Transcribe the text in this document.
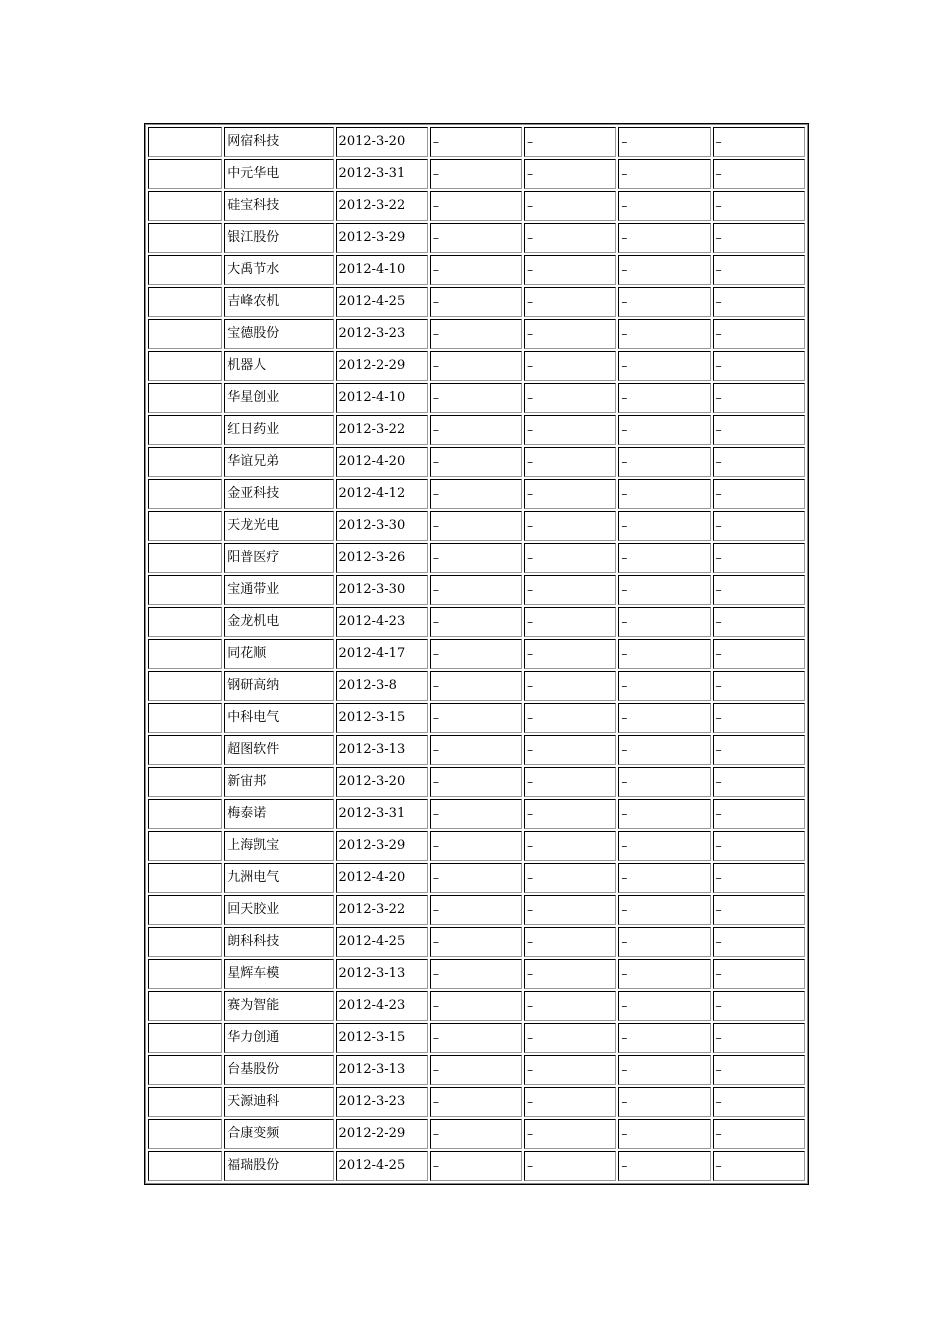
	网宿科技	2012-3-20	–	–	–	–
	中元华电	2012-3-31	–	–	–	–
	硅宝科技	2012-3-22	–	–	–	–
	银江股份	2012-3-29	–	–	–	–
	大禹节水	2012-4-10	–	–	–	–
	吉峰农机	2012-4-25	–	–	–	–
	宝德股份	2012-3-23	–	–	–	–
	机器人	2012-2-29	–	–	–	–
	华星创业	2012-4-10	–	–	–	–
	红日药业	2012-3-22	–	–	–	–
	华谊兄弟	2012-4-20	–	–	–	–
	金亚科技	2012-4-12	–	–	–	–
	天龙光电	2012-3-30	–	–	–	–
	阳普医疗	2012-3-26	–	–	–	–
	宝通带业	2012-3-30	–	–	–	–
	金龙机电	2012-4-23	–	–	–	–
	同花顺	2012-4-17	–	–	–	–
	钢研高纳	2012-3-8	–	–	–	–
	中科电气	2012-3-15	–	–	–	–
	超图软件	2012-3-13	–	–	–	–
	新宙邦	2012-3-20	–	–	–	–
	梅泰诺	2012-3-31	–	–	–	–
	上海凯宝	2012-3-29	–	–	–	–
	九洲电气	2012-4-20	–	–	–	–
	回天胶业	2012-3-22	–	–	–	–
	朗科科技	2012-4-25	–	–	–	–
	星辉车模	2012-3-13	–	–	–	–
	赛为智能	2012-4-23	–	–	–	–
	华力创通	2012-3-15	–	–	–	–
	台基股份	2012-3-13	–	–	–	–
	天源迪科	2012-3-23	–	–	–	–
	合康变频	2012-2-29	–	–	–	–
	福瑞股份	2012-4-25	–	–	–	–
